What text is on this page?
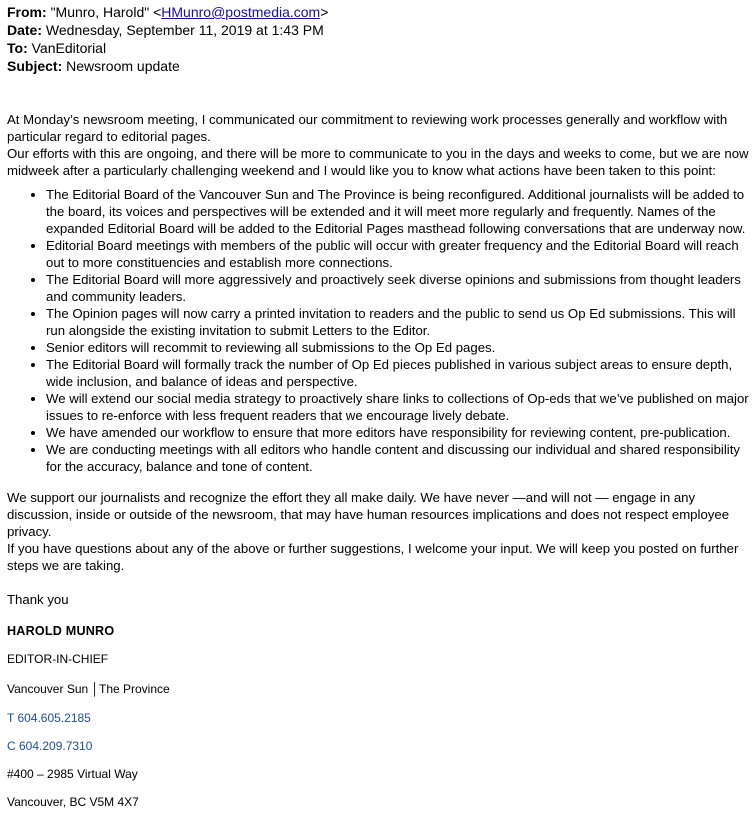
From: "Munro, Harold" <HMunro@postmedia.com>
Date: Wednesday, September 11, 2019 at 1:43 PM
To: VanEditorial
Subject: Newsroom update

At Monday’s newsroom meeting, I communicated our commitment to reviewing work processes generally and workflow with particular regard to editorial pages.

Our efforts with this are ongoing, and there will be more to communicate to you in the days and weeks to come, but we are now midweek after a particularly challenging weekend and I would like you to know what actions have been taken to this point:

• The Editorial Board of the Vancouver Sun and The Province is being reconfigured. Additional journalists will be added to the board, its voices and perspectives will be extended and it will meet more regularly and frequently. Names of the expanded Editorial Board will be added to the Editorial Pages masthead following conversations that are underway now.
• Editorial Board meetings with members of the public will occur with greater frequency and the Editorial Board will reach out to more constituencies and establish more connections.
• The Editorial Board will more aggressively and proactively seek diverse opinions and submissions from thought leaders and community leaders.
• The Opinion pages will now carry a printed invitation to readers and the public to send us Op Ed submissions. This will run alongside the existing invitation to submit Letters to the Editor.
• Senior editors will recommit to reviewing all submissions to the Op Ed pages.
• The Editorial Board will formally track the number of Op Ed pieces published in various subject areas to ensure depth, wide inclusion, and balance of ideas and perspective.
• We will extend our social media strategy to proactively share links to collections of Op-eds that we’ve published on major issues to re-enforce with less frequent readers that we encourage lively debate.
• We have amended our workflow to ensure that more editors have responsibility for reviewing content, pre-publication.
• We are conducting meetings with all editors who handle content and discussing our individual and shared responsibility for the accuracy, balance and tone of content.

We support our journalists and recognize the effort they all make daily. We have never —and will not — engage in any discussion, inside or outside of the newsroom, that may have human resources implications and does not respect employee privacy.

If you have questions about any of the above or further suggestions, I welcome your input. We will keep you posted on further steps we are taking.

Thank you

HAROLD MUNRO
EDITOR-IN-CHIEF
Vancouver Sun │The Province
T 604.605.2185
C 604.209.7310
#400 – 2985 Virtual Way
Vancouver, BC V5M 4X7
